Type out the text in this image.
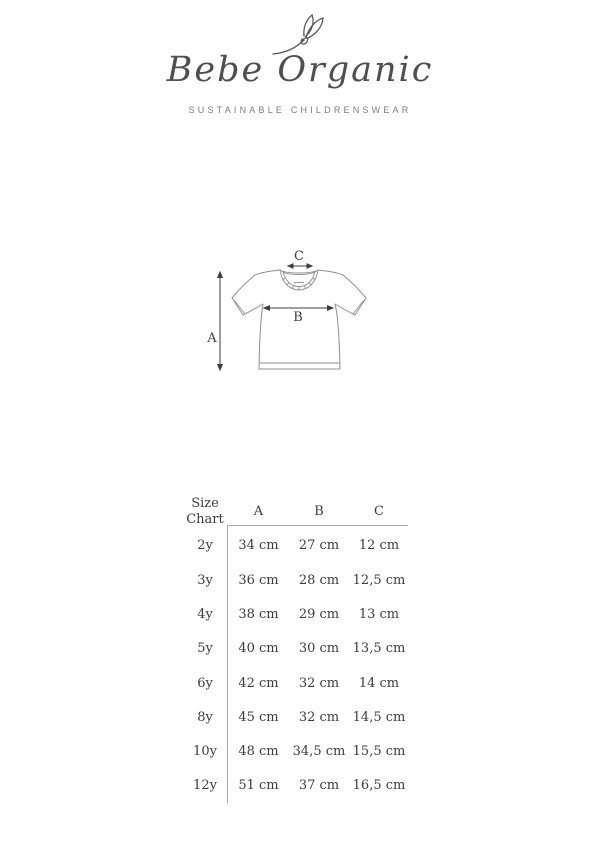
Bebe Organic
SUSTAINABLE CHILDRENSWEAR
A
B
C
Size Chart
A	B	C
2y	34 cm	27 cm	12 cm
3y	36 cm	28 cm	12,5 cm
4y	38 cm	29 cm	13 cm
5y	40 cm	30 cm	13,5 cm
6y	42 cm	32 cm	14 cm
8y	45 cm	32 cm	14,5 cm
10y	48 cm	34,5 cm 15,5 cm
12y	51 cm	37 cm	16,5 cm
